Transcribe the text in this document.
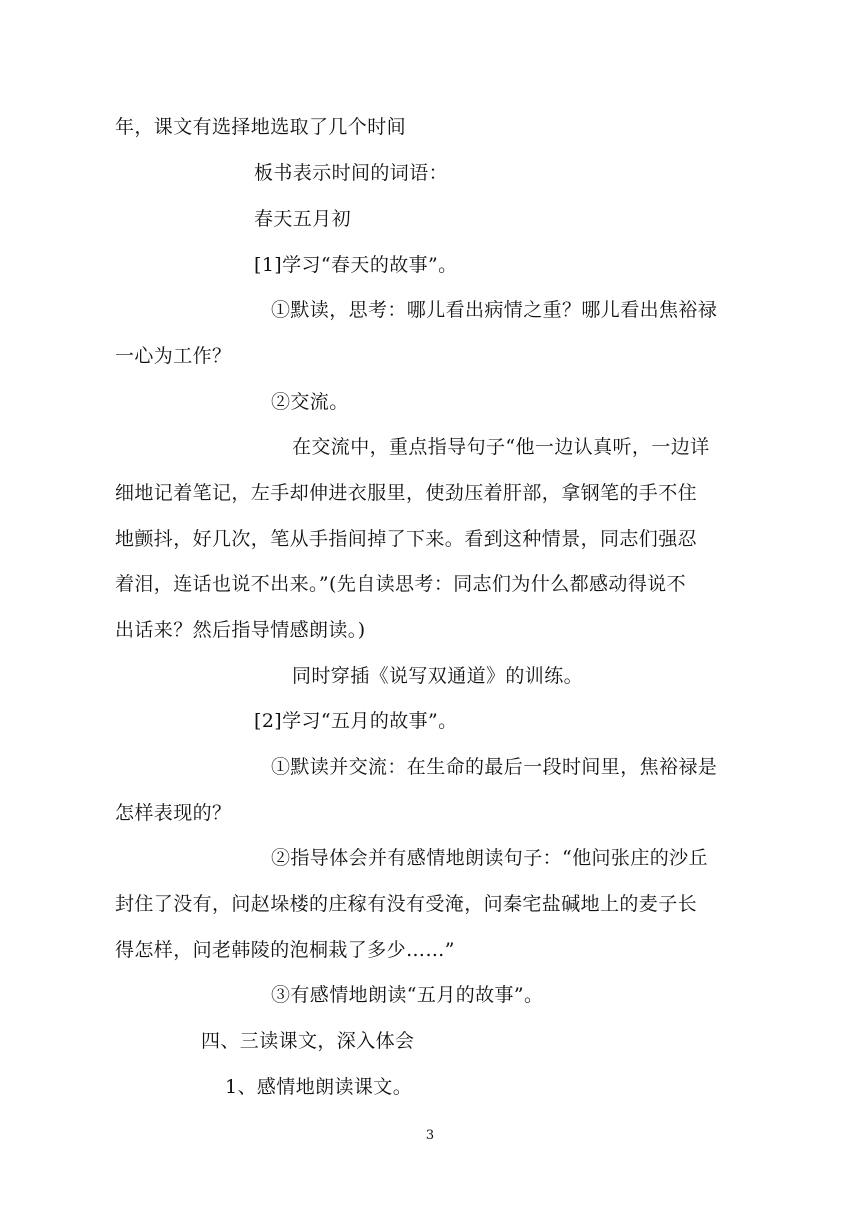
年，课文有选择地选取了几个时间
板书表示时间的词语：
春天五月初
[1]学习“春天的故事”。
①默读，思考：哪儿看出病情之重？哪儿看出焦裕禄
一心为工作？
②交流。
在交流中，重点指导句子“他一边认真听，一边详
细地记着笔记，左手却伸进衣服里，使劲压着肝部，拿钢笔的手不住
地颤抖，好几次，笔从手指间掉了下来。看到这种情景，同志们强忍
着泪，连话也说不出来。”(先自读思考：同志们为什么都感动得说不
出话来？然后指导情感朗读。)
同时穿插《说写双通道》的训练。
[2]学习“五月的故事”。
①默读并交流：在生命的最后一段时间里，焦裕禄是
怎样表现的？
②指导体会并有感情地朗读句子：“他问张庄的沙丘
封住了没有，问赵垛楼的庄稼有没有受淹，问秦宅盐碱地上的麦子长
得怎样，问老韩陵的泡桐栽了多少……”
③有感情地朗读“五月的故事”。
四、三读课文，深入体会
1、感情地朗读课文。
3
